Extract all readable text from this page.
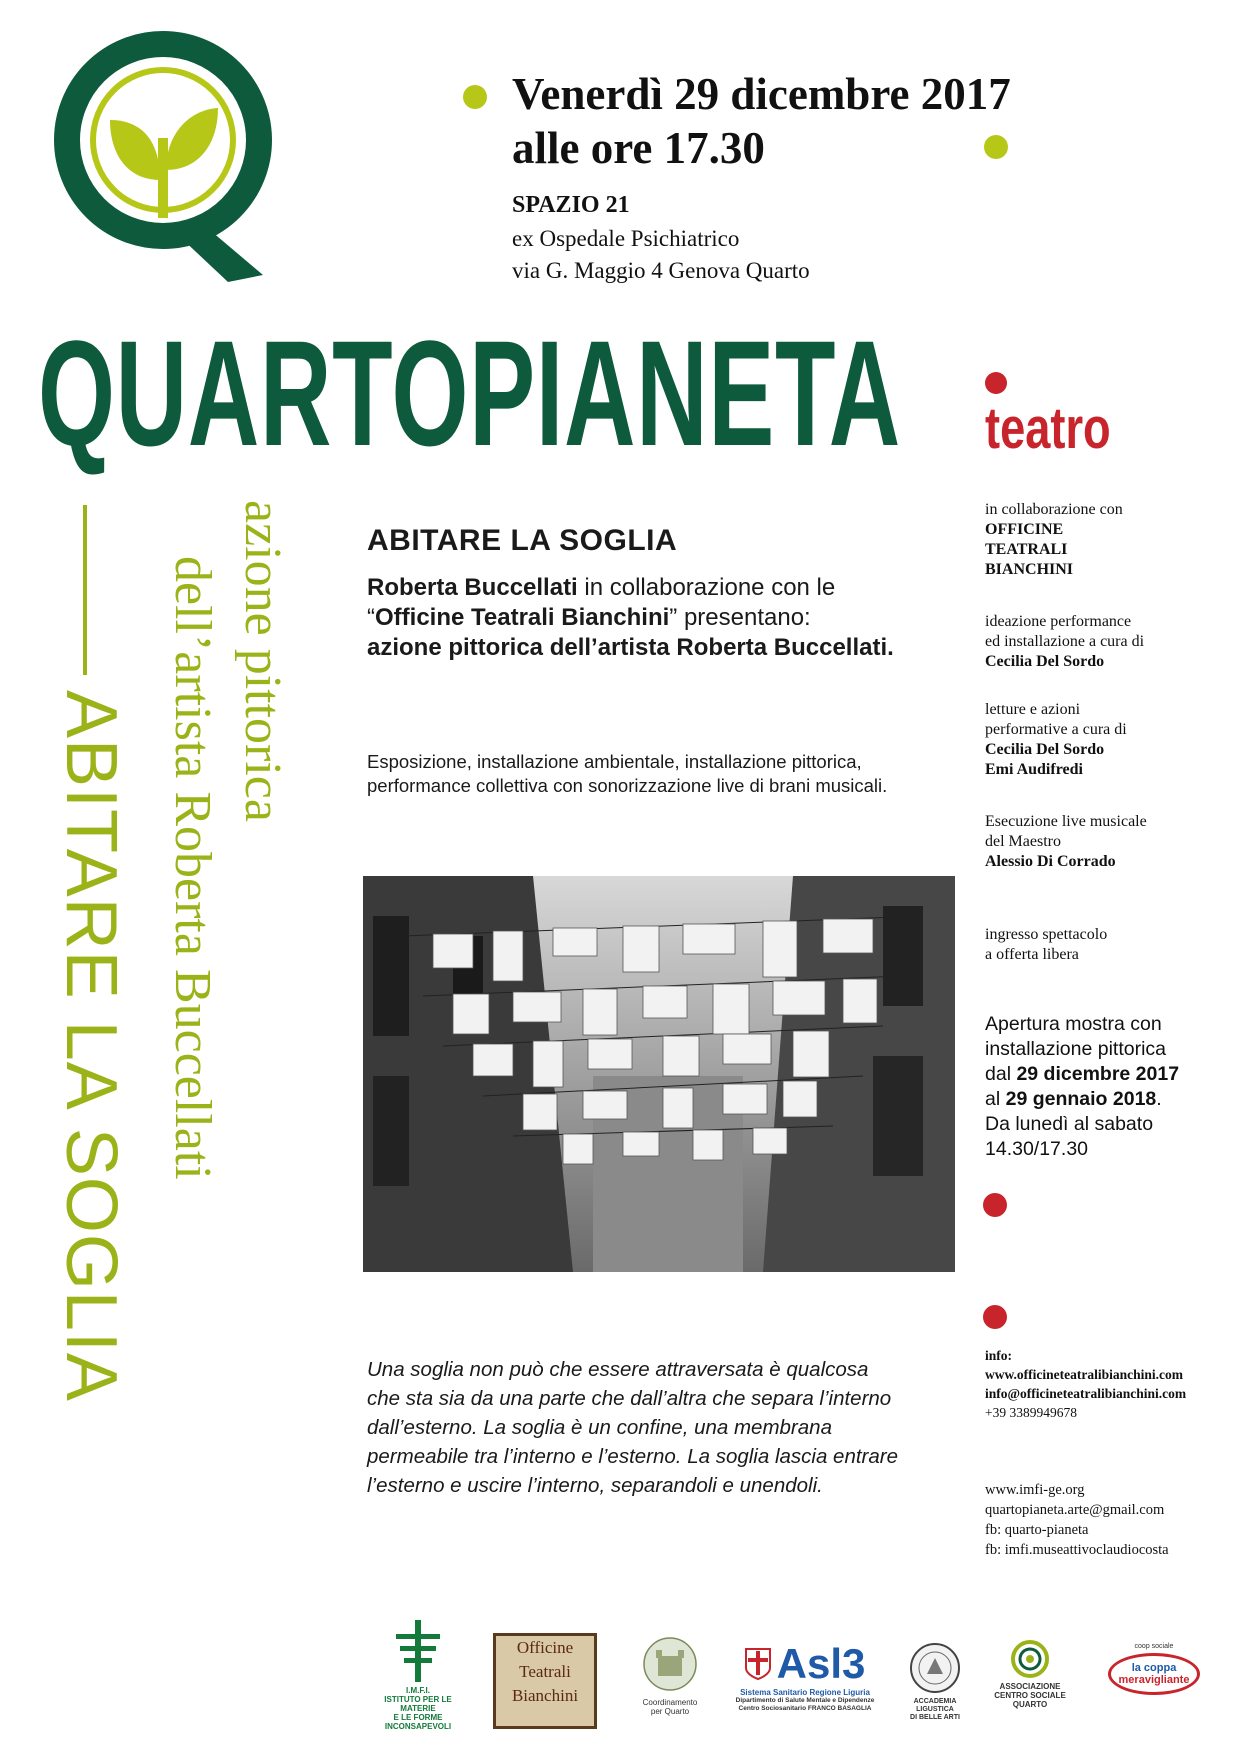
Venerdì 29 dicembre 2017
alle ore 17.30
SPAZIO 21
ex Ospedale Psichiatrico
via G. Maggio 4 Genova Quarto
QUARTOPIANETA teatro
ABITARE LA SOGLIA
azione pittorica
dell’artista Roberta Buccellati
ABITARE LA SOGLIA
Roberta Buccellati in collaborazione con le
“Officine Teatrali Bianchini” presentano:
azione pittorica dell’artista Roberta Buccellati.
Esposizione, installazione ambientale, installazione pittorica,
performance collettiva con sonorizzazione live di brani musicali.
Una soglia non può che essere attraversata è qualcosa
che sta sia da una parte che dall’altra che separa l’interno
dall’esterno. La soglia è un confine, una membrana
permeabile tra l’interno e l’esterno. La soglia lascia entrare
l’esterno e uscire l’interno, separandoli e unendoli.
in collaborazione con
OFFICINE
TEATRALI
BIANCHINI
ideazione performance
ed installazione a cura di
Cecilia Del Sordo
letture e azioni
performative a cura di
Cecilia Del Sordo
Emi Audifredi
Esecuzione live musicale
del Maestro
Alessio Di Corrado
ingresso spettacolo
a offerta libera
Apertura mostra con
installazione pittorica
dal 29 dicembre 2017
al 29 gennaio 2018.
Da lunedì al sabato
14.30/17.30
info:
www.officineteatralibianchini.com
info@officineteatralibianchini.com
+39 3389949678
www.imfi-ge.org
quartopianeta.arte@gmail.com
fb: quarto-pianeta
fb: imfi.museattivoclaudiocosta
I.M.F.I.
ISTITUTO PER LE MATERIE
E LE FORME INCONSAPEVOLI
Officine
Teatrali
Bianchini	Coordinamento
per Quarto
Asl3
Sistema Sanitario Regione Liguria
Dipartimento di Salute Mentale e Dipendenze
Centro Sociosanitario FRANCO BASAGLIA
ACCADEMIA
LIGUSTICA
DI BELLE ARTI
ASSOCIAZIONE
CENTRO SOCIALE
QUARTO
coop sociale
la coppa
meravigliante
